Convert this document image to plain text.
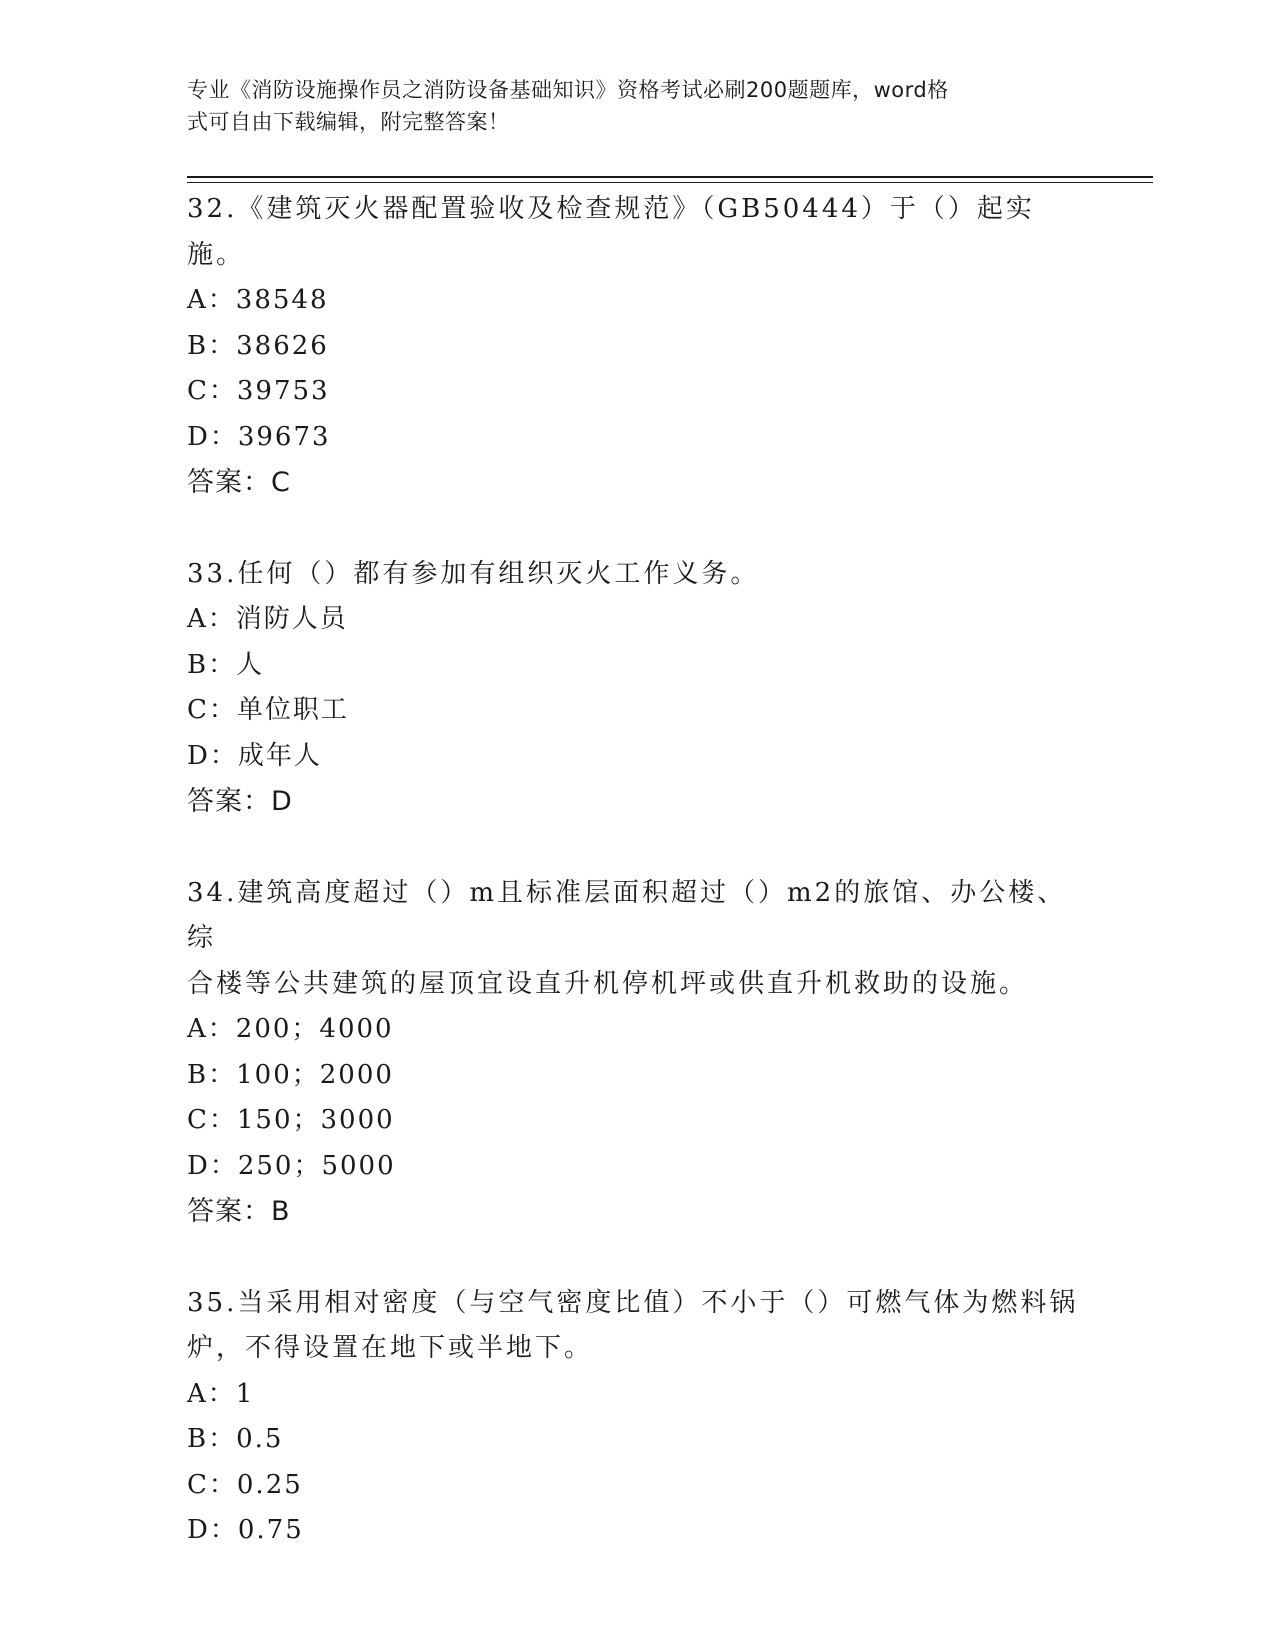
专业《消防设施操作员之消防设备基础知识》资格考试必刷200题题库，word格
式可自由下载编辑，附完整答案！
32.《建筑灭火器配置验收及检查规范》（GB50444）于（）起实施。
A：38548
B：38626
C：39753
D：39673
答案：C
33.任何（）都有参加有组织灭火工作义务。
A：消防人员
B：人
C：单位职工
D：成年人
答案：D
34.建筑高度超过（）m且标准层面积超过（）m2的旅馆、办公楼、综
合楼等公共建筑的屋顶宜设直升机停机坪或供直升机救助的设施。
A：200；4000
B：100；2000
C：150；3000
D：250；5000
答案：B
35.当采用相对密度（与空气密度比值）不小于（）可燃气体为燃料锅
炉，不得设置在地下或半地下。
A：1
B：0.5
C：0.25
D：0.75
